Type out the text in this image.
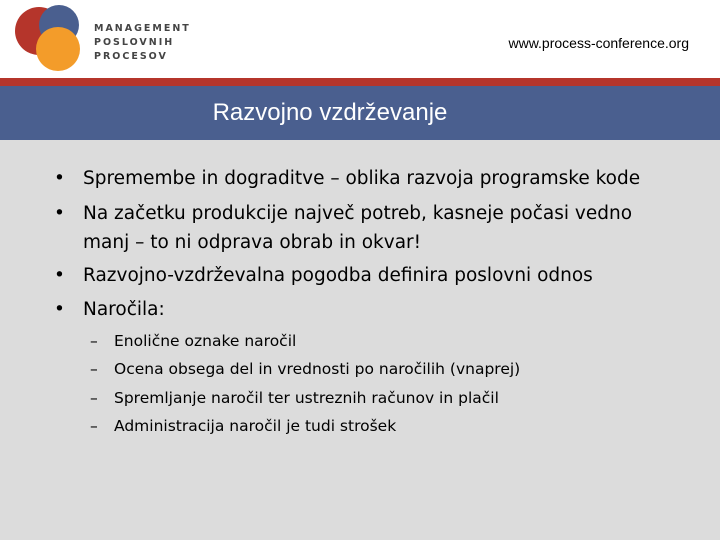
MANAGEMENT
POSLOVNIH
PROCESOV
www.process-conference.org
Razvojno vzdrževanje
• Spremembe in dograditve – oblika razvoja programske kode
• Na začetku produkcije največ potreb, kasneje počasi vedno manj – to ni odprava obrab in okvar!
• Razvojno-vzdrževalna pogodba definira poslovni odnos
• Naročila:
– Enolične oznake naročil
– Ocena obsega del in vrednosti po naročilih (vnaprej)
– Spremljanje naročil ter ustreznih računov in plačil
– Administracija naročil je tudi strošek
